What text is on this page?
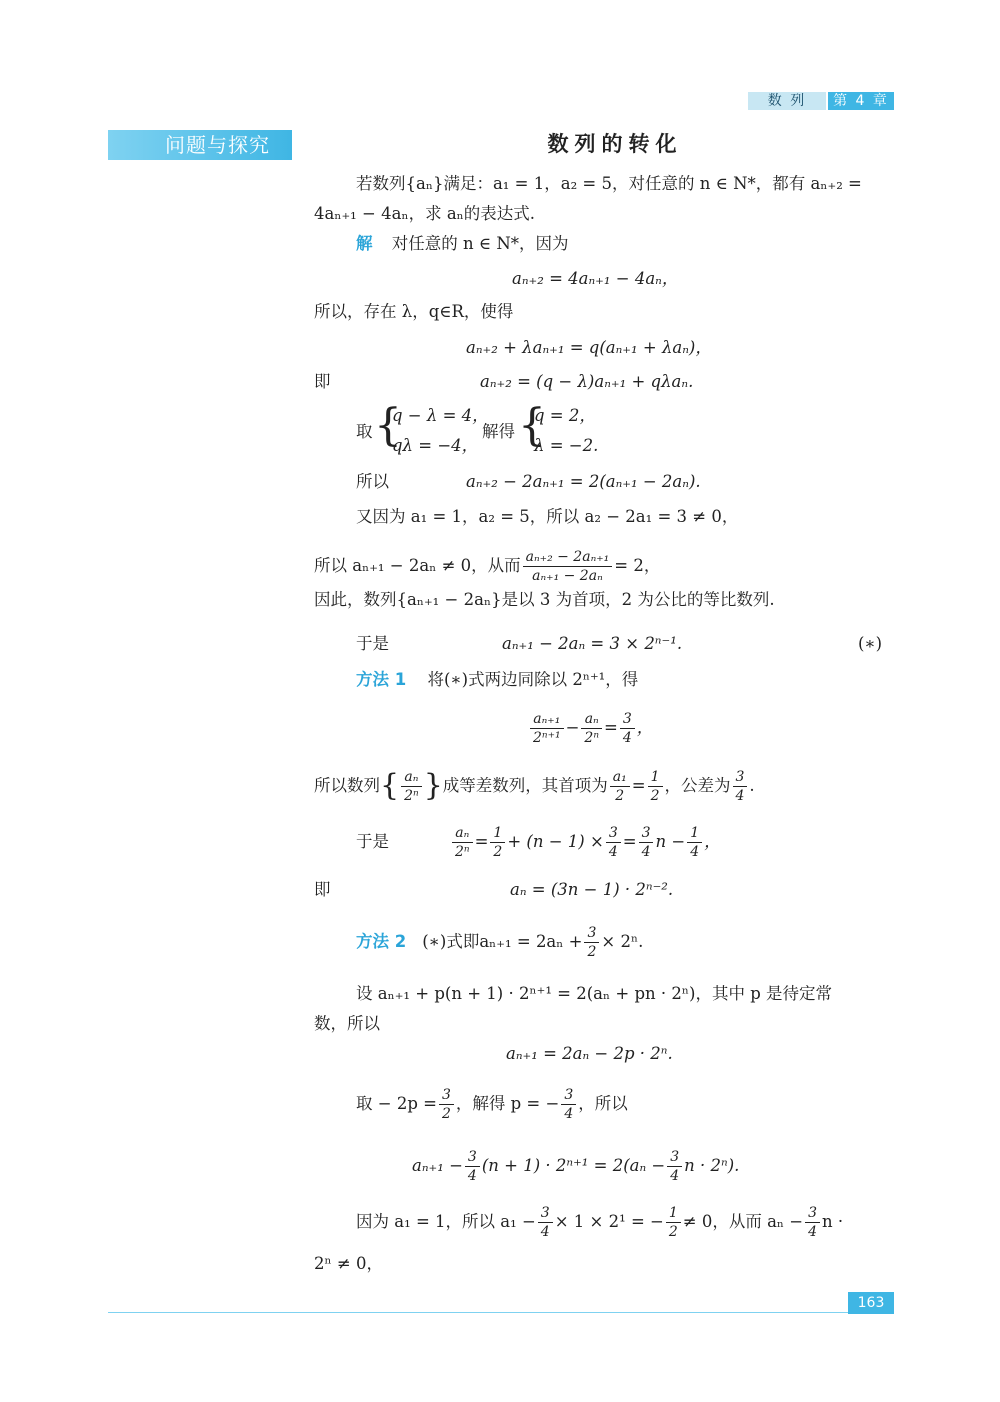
数 列	第 4 章
问题与探究	数列的转化
若数列{aₙ}满足：a₁ = 1，a₂ = 5，对任意的 n ∈ N*，都有 aₙ₊₂ =
4aₙ₊₁ − 4aₙ，求 aₙ的表达式.
解 对任意的 n ∈ N*，因为
aₙ₊₂ = 4aₙ₊₁ − 4aₙ，
所以，存在 λ，q∈R，使得
aₙ₊₂ + λaₙ₊₁ = q(aₙ₊₁ + λaₙ)，
即	aₙ₊₂ = (q − λ)aₙ₊₁ + qλaₙ.
取 {
q − λ = 4，
qλ = −4，
解得 {
q = 2，
λ = −2.
所以	aₙ₊₂ − 2aₙ₊₁ = 2(aₙ₊₁ − 2aₙ).
又因为 a₁ = 1，a₂ = 5，所以 a₂ − 2a₁ = 3 ≠ 0，
所以 aₙ₊₁ − 2aₙ ≠ 0，从而 $\frac{\text{aₙ₊₂ − 2aₙ₊₁}}{\text{aₙ₊₁ − 2aₙ}} = 2$，
因此，数列{aₙ₊₁ − 2aₙ}是以 3 为首项，2 为公比的等比数列.
于是	aₙ₊₁ − 2aₙ = 3 × 2ⁿ⁻¹.	(∗)
方法 1 将(∗)式两边同除以 2ⁿ⁺¹，得
$\frac{\text{aₙ₊₁}}{\text{2ⁿ⁺¹}} - \frac{\text{aₙ}}{\text{2ⁿ}} = \frac{3}{4}$ ，
所以数列 { $\frac{\text{aₙ}}{\text{2ⁿ}}$ } 成等差数列，其首项为 $\frac{\text{a₁}}{2} = \frac{1}{2}$ ，公差为 $\frac{3}{4}$ .
于是	$\frac{\text{aₙ}}{\text{2ⁿ}} = \frac{1}{2} + (n - 1) \times \frac{3}{4} = \frac{3}{4}$ $n - \frac{1}{4}$ ，
即	aₙ = (3n − 1) · 2ⁿ⁻².
方法 2 (∗)式即$a_{n+1} = 2a_n + \frac{3}{2} \times 2^n$.
设 aₙ₊₁ + p(n + 1) · 2ⁿ⁺¹ = 2(aₙ + pn · 2ⁿ)，其中 p 是待定常
数，所以
aₙ₊₁ = 2aₙ − 2p · 2ⁿ.
取 − $2p = \frac{3}{2}$ ，解得 p = − $\frac{3}{4}$ ，所以
$a_{n+1} - \frac{3}{4} (n + 1) \cdot 2^{n+1} = 2(a_n - \frac{3}{4}$ n · 2ⁿ).
因为 a₁ = 1，所以 $a_1 - \frac{3}{4} \times 1 \times 2^1$ = − $\frac{1}{2} \ne 0$，从而 $a_n - \frac{3}{4}$ n ·
2ⁿ ≠ 0，
163
